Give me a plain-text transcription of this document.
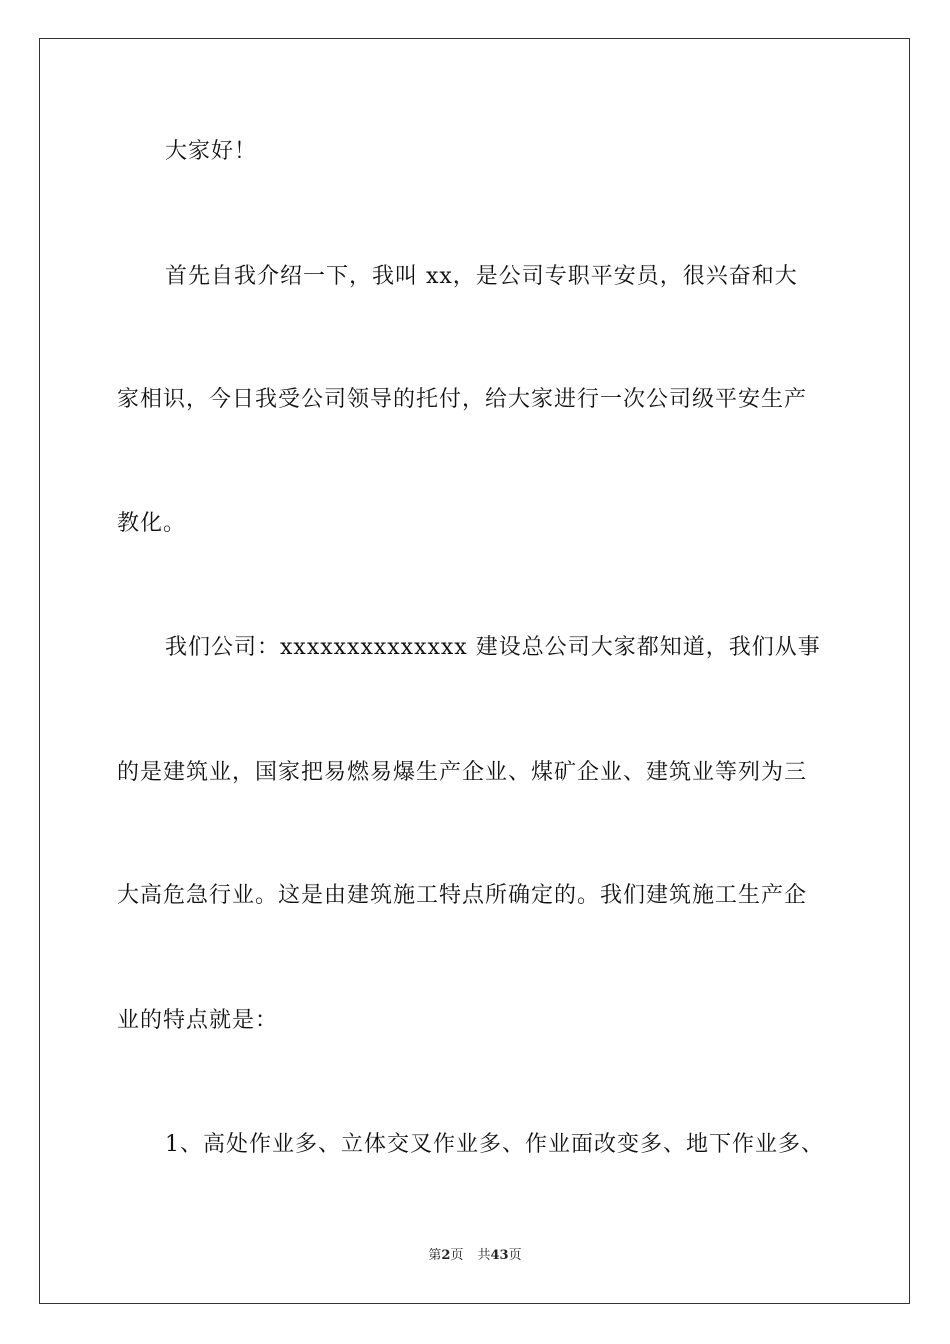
大家好！
首先自我介绍一下，我叫 xx，是公司专职平安员，很兴奋和大
家相识，今日我受公司领导的托付，给大家进行一次公司级平安生产
教化。
我们公司：xxxxxxxxxxxxxx 建设总公司大家都知道，我们从事
的是建筑业，国家把易燃易爆生产企业、煤矿企业、建筑业等列为三
大高危急行业。这是由建筑施工特点所确定的。我们建筑施工生产企
业的特点就是：
1、高处作业多、立体交叉作业多、作业面改变多、地下作业多、
第2页 共43页
